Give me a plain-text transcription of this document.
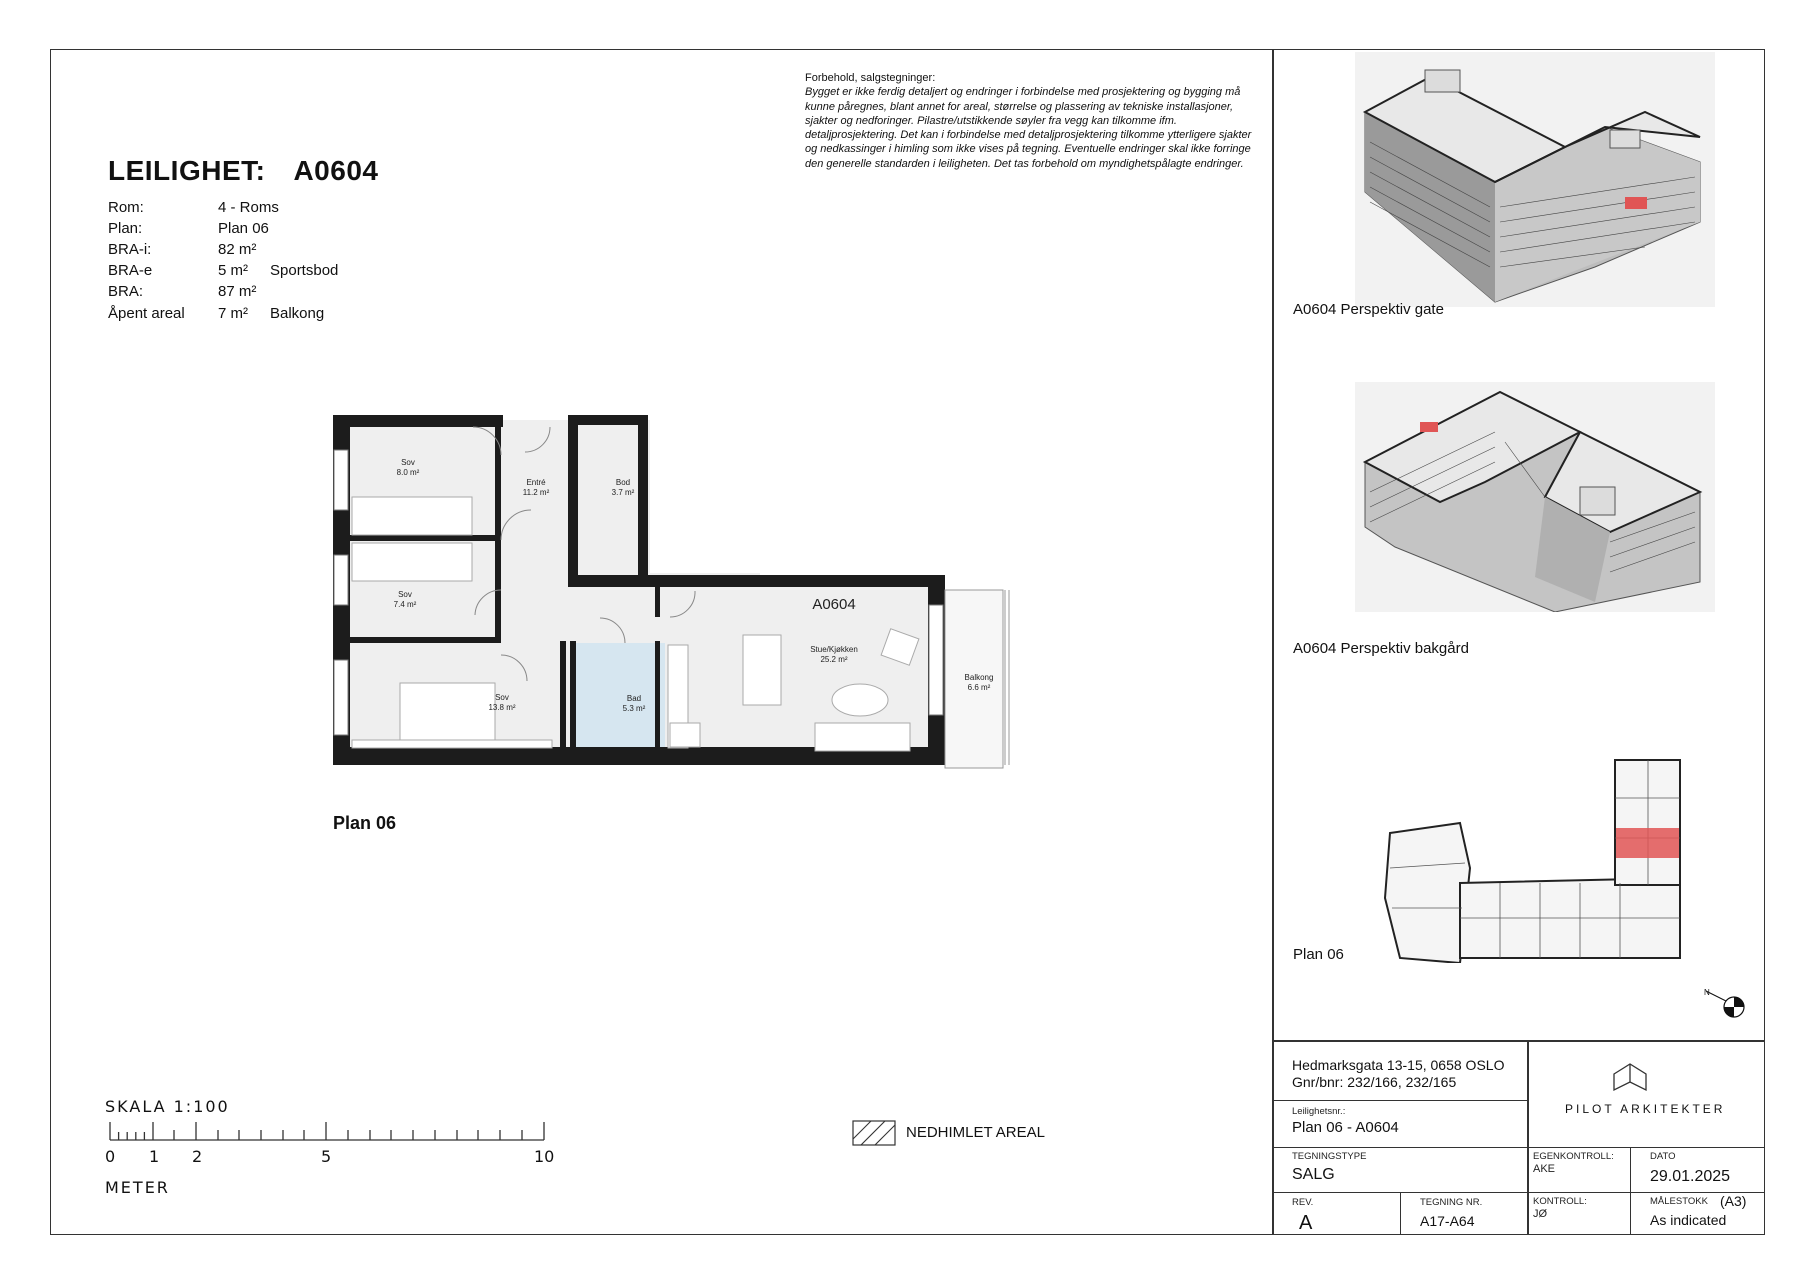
LEILIGHET: A0604
Rom:	4 - Roms
Plan:	Plan 06
BRA-i:	82 m²
BRA-e	5 m² Sportsbod
BRA:	87 m²
Åpent areal 7 m² Balkong
Forbehold, salgstegninger:
Bygget er ikke ferdig detaljert og endringer i forbindelse med prosjektering og bygging må kunne påregnes, blant annet for areal, størrelse og plassering av tekniske installasjoner, sjakter og nedforinger. Pilastre/utstikkende søyler fra vegg kan tilkomme ifm. detaljprosjektering. Det kan i forbindelse med detaljprosjektering tilkomme ytterligere sjakter og nedkassinger i himling som ikke vises på tegning. Eventuelle endringer skal ikke forringe den generelle standarden i leiligheten. Det tas forbehold om myndighetspålagte endringer.
Sov
8.0 m²
Entré
11.2 m²
Bod
3.7 m²
Sov
7.4 m²
Stue/Kjøkken
25.2 m²
Sov
13.8 m²
Bad
5.3 m²
Balkong
6.6 m²
A0604
Plan 06
SKALA 1:100
0 1 2	5	10
METER
NEDHIMLET AREAL
A0604 Perspektiv gate
A0604 Perspektiv bakgård
Plan 06
N
Hedmarksgata 13-15, 0658 OSLO
Gnr/bnr: 232/166, 232/165
Leilighetsnr.:
Plan 06 - A0604
PILOT ARKITEKTER
TEGNINGSTYPE
SALG
EGENKONTROLL:
AKE
DATO
29.01.2025
REV.
A
TEGNING NR.
A17-A64
KONTROLL:
JØ
MÅLESTOKK (A3)
As indicated
